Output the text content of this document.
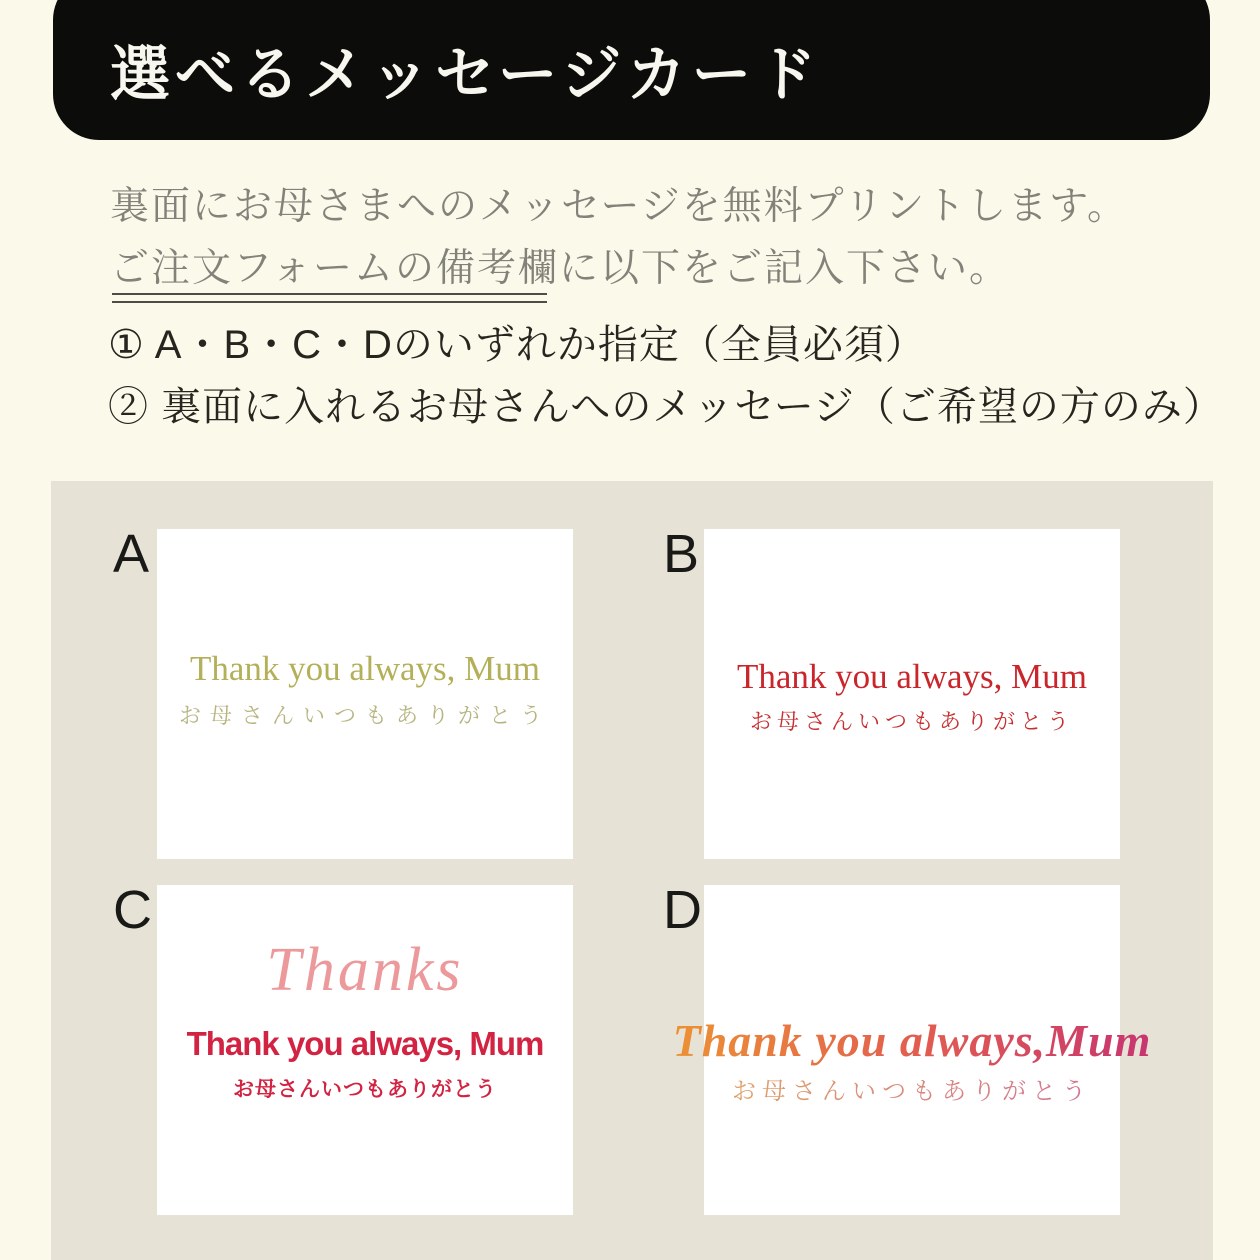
選べるメッセージカード
裏面にお母さまへのメッセージを無料プリントします。
ご注文フォームの備考欄に以下をご記入下さい。
① A・B・C・Dのいずれか指定（全員必須）
② 裏面に入れるお母さんへのメッセージ（ご希望の方のみ）
A
Thank you always, Mum
お母さんいつもありがとう
B
Thank you always, Mum
お母さんいつもありがとう
C
Thanks
Thank you always, Mum
お母さんいつもありがとう
D
Thank you always,Mum
お母さんいつもありがとう
